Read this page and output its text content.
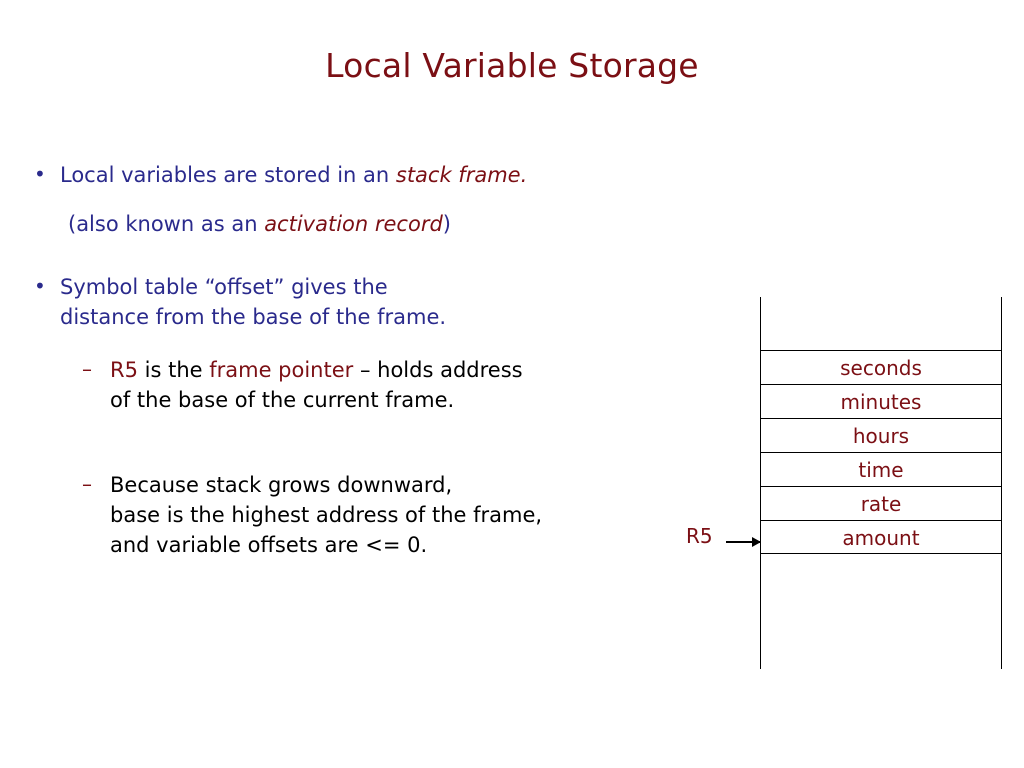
Local Variable Storage
• Local variables are stored in an stack frame.
(also known as an activation record)
• Symbol table “offset” gives the
distance from the base of the frame.
– R5 is the frame pointer – holds address
of the base of the current frame.
– Because stack grows downward,
base is the highest address of the frame,
and variable offsets are <= 0.	R5
seconds
minutes
hours
time
rate
amount
